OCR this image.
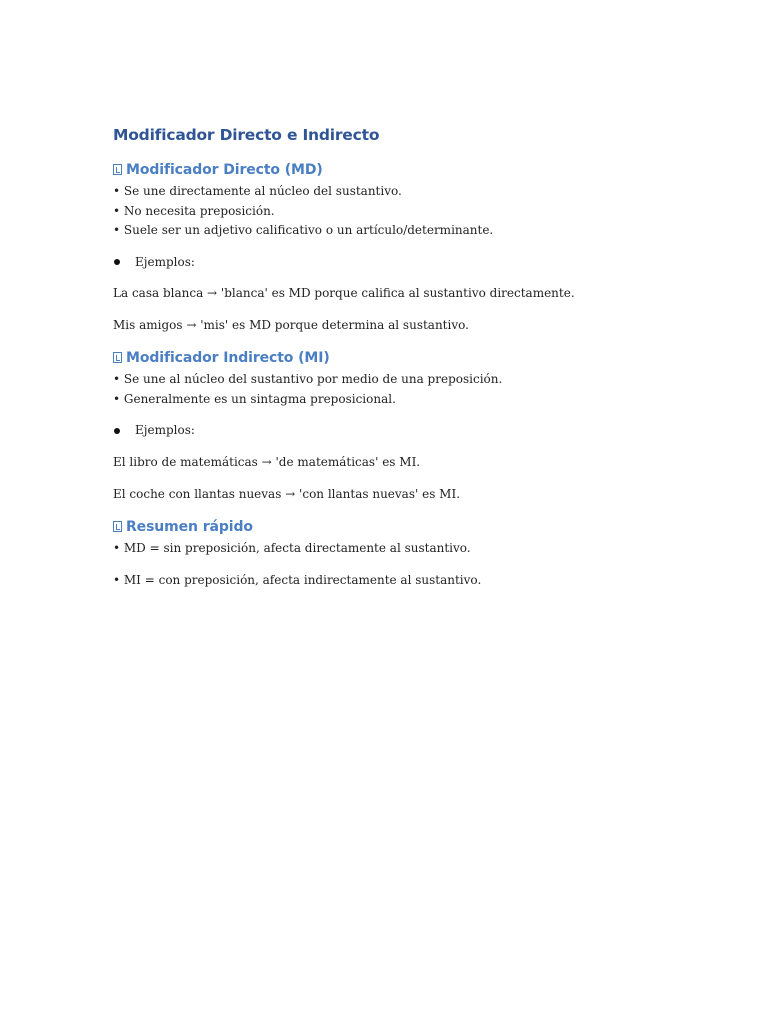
Modificador Directo e Indirecto
Modificador Directo (MD)

• Se une directamente al núcleo del sustantivo.

• No necesita preposición.

• Suele ser un adjetivo calificativo o un artículo/determinante.

Ejemplos:

La casa blanca → 'blanca' es MD porque califica al sustantivo directamente.

Mis amigos → 'mis' es MD porque determina al sustantivo.

Modificador Indirecto (MI)

• Se une al núcleo del sustantivo por medio de una preposición.

• Generalmente es un sintagma preposicional.

Ejemplos:

El libro de matemáticas → 'de matemáticas' es MI.

El coche con llantas nuevas → 'con llantas nuevas' es MI.

Resumen rápido

• MD = sin preposición, afecta directamente al sustantivo.

• MI = con preposición, afecta indirectamente al sustantivo.
